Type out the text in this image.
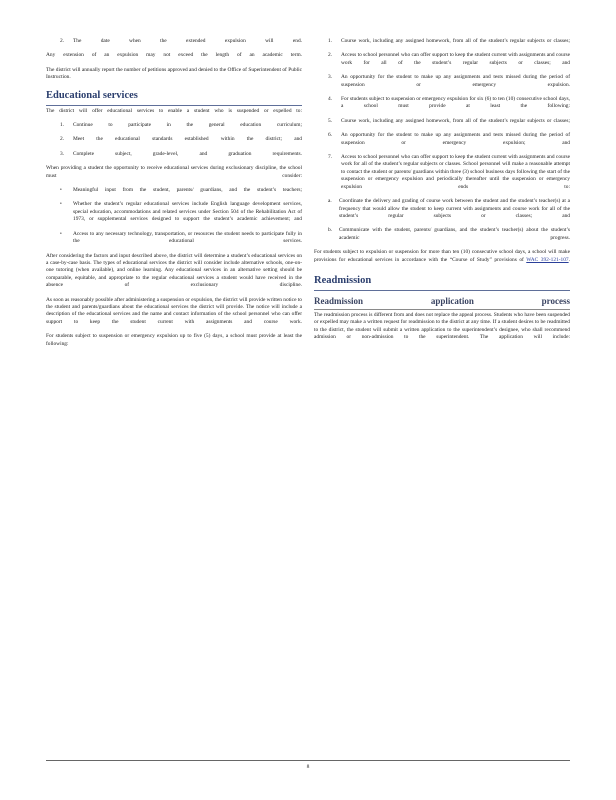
2.	The date when the extended expulsion will end.

Any extension of an expulsion may not exceed the length of an academic term.

The district will annually report the number of petitions approved and denied to the Office of Superintendent of Public Instruction.

Educational services

The district will offer educational services to enable a student who is suspended or expelled to:

1.	Continue to participate in the general education curriculum;
2.	Meet the educational standards established within the district; and
3.	Complete subject, grade-level, and graduation requirements.

When providing a student the opportunity to receive educational services during exclusionary discipline, the school must consider:

•	Meaningful input from the student, parents/ guardians, and the student’s teachers;
•	Whether the student’s regular educational services include English language development services, special education, accommodations and related services under Section 504 of the Rehabilitation Act of 1973, or supplemental services designed to support the student’s academic achievement; and
•	Access to any necessary technology, transportation, or resources the student needs to participate fully in the educational services.

After considering the factors and input described above, the district will determine a student’s educational services on a case-by-case basis. The types of educational services the district will consider include alternative schools, one-on-one tutoring (when available), and online learning. Any educational services in an alternative setting should be comparable, equitable, and appropriate to the regular educational services a student would have received in the absence of exclusionary discipline.

As soon as reasonably possible after administering a suspension or expulsion, the district will provide written notice to the student and parents/guardians about the educational services the district will provide. The notice will include a description of the educational services and the name and contact information of the school personnel who can offer support to keep the student current with assignments and course work.

For students subject to suspension or emergency expulsion up to five (5) days, a school must provide at least the following:

1.	Course work, including any assigned homework, from all of the student’s regular subjects or classes;
2.	Access to school personnel who can offer support to keep the student current with assignments and course work for all of the student’s regular subjects or classes; and
3.	An opportunity for the student to make up any assignments and tests missed during the period of suspension or emergency expulsion.
4.	For students subject to suspension or emergency expulsion for six (6) to ten (10) consecutive school days, a school must provide at least the following:
5.	Course work, including any assigned homework, from all of the student’s regular subjects or classes;
6.	An opportunity for the student to make up any assignments and tests missed during the period of suspension or emergency expulsion; and
7.	Access to school personnel who can offer support to keep the student current with assignments and course work for all of the student’s regular subjects or classes. School personnel will make a reasonable attempt to contact the student or parents/ guardians within three (3) school business days following the start of the suspension or emergency expulsion and periodically thereafter until the suspension or emergency expulsion ends to:
a.	Coordinate the delivery and grading of course work between the student and the student’s teacher(s) at a frequency that would allow the student to keep current with assignments and course work for all of the student’s regular subjects or classes; and
b.	Communicate with the student, parents/ guardians, and the student’s teacher(s) about the student’s academic progress.

For students subject to expulsion or suspension for more than ten (10) consecutive school days, a school will make provisions for educational services in accordance with the “Course of Study” provisions of WAC 392-121-107.

Readmission
Readmission application process

The readmission process is different from and does not replace the appeal process. Students who have been suspended or expelled may make a written request for readmission to the district at any time. If a student desires to be readmitted to the district, the student will submit a written application to the superintendent’s designee, who shall recommend admission or non-admission to the superintendent. The application will include:

8
